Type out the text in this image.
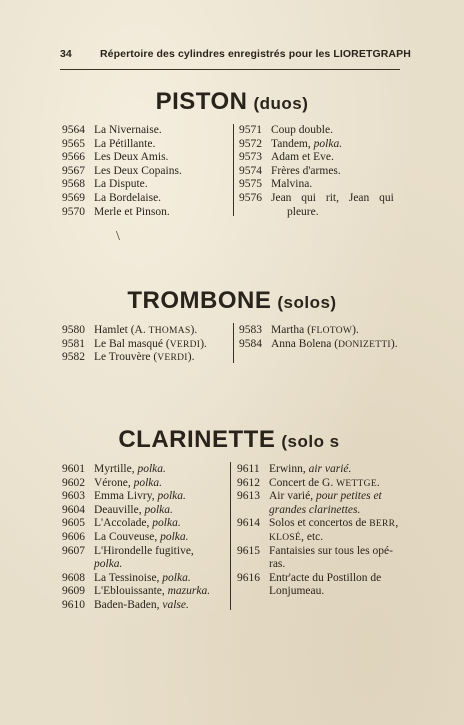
34	Répertoire des cylindres enregistrés pour les LIORETGRAPH
PISTON (duos)
9564 La Nivernaise.
9565 La Pétillante.
9566 Les Deux Amis.
9567 Les Deux Copains.
9568 La Dispute.
9569 La Bordelaise.
9570 Merle et Pinson.
9571 Coup double.
9572 Tandem, polka.
9573 Adam et Eve.
9574 Frères d'armes.
9575 Malvina.
9576 Jean qui rit, Jean qui
pleure.
\
TROMBONE (solos)
9580 Hamlet (A. THOMAS).
9581 Le Bal masqué (VERDI).
9582 Le Trouvère (VERDI).
9583 Martha (FLOTOW).
9584 Anna Bolena (DONIZETTI).
CLARINETTE (solo s
9601 Myrtille, polka.
9602 Vérone, polka.
9603 Emma Livry, polka.
9604 Deauville, polka.
9605 L'Accolade, polka.
9606 La Couveuse, polka.
9607 L'Hirondelle fugitive,
polka.
9608 La Tessinoise, polka.
9609 L'Eblouissante, mazurka.
9610 Baden-Baden, valse.
9611 Erwinn, air varié.
9612 Concert de G. WETTGE.
9613 Air varié, pour petites et
grandes clarinettes.
9614 Solos et concertos de BERR,
KLOSÉ, etc.
9615 Fantaisies sur tous les opé-
ras.
9616 Entr'acte du Postillon de
Lonjumeau.
